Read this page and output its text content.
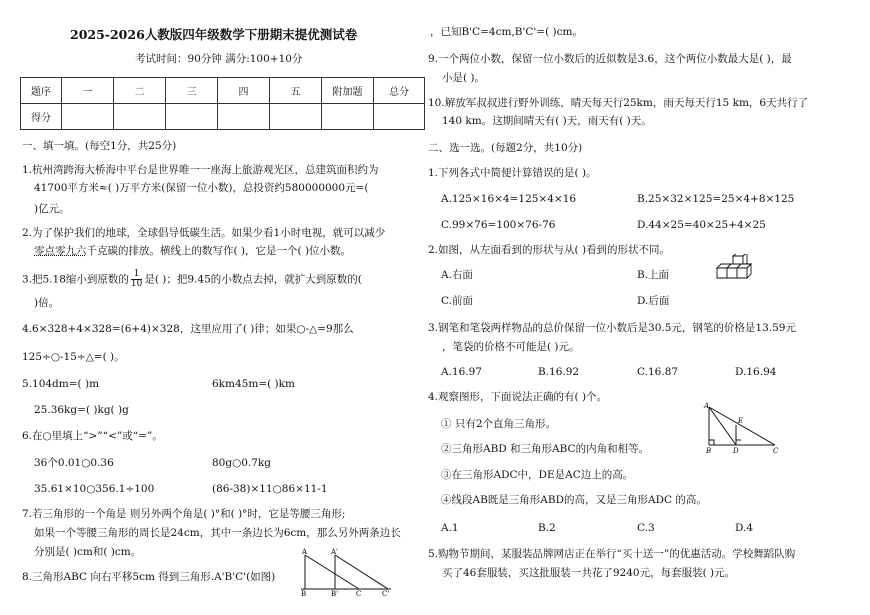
2025-2026人教版四年级数学下册期末提优测试卷
考试时间：90分钟 满分:100+10分
题序	一	二	三	四	五	附加题	总分
得分							
一、填一填。(每空1分，共25分)
1.杭州湾跨海大桥海中平台是世界唯一一座海上旅游观光区，总建筑面积约为
41700平方米≈( )万平方米(保留一位小数)，总投资约580000000元=(
)亿元。
2.为了保护我们的地球，全球倡导低碳生活。如果少看1小时电视，就可以减少
零点零九六千克碳的排放。横线上的数写作( )，它是一个( )位小数。
3.把5.18缩小到原数的 $\frac{1}{10}$ 是( )；把9.45的小数点去掉，就扩大到原数的(
)倍。
4.6×328+4×328=(6+4)×328，这里应用了( )律；如果○-△=9那么
125÷○-15÷△=( )。
5.104dm=( )m	6km45m=( )km
25.36kg=( )kg( )g
6.在○里填上“>”“<”或“=”。
36个0.01○0.36	80g○0.7kg
35.61×10○356.1÷100	(86-38)×11○86×11-1
7.若三角形的一个角是 则另外两个角是( )°和( )°时，它是等腰三角形;
如果一个等腰三角形的周长是24cm，其中一条边长为6cm，那么另外两条边长
分别是( )cm和( )cm。
8.三角形ABC 向右平移5cm 得到三角形.A'B'C'(如图)
A	A'
B	B'	C	C'
，已知B'C=4cm,B'C'=( )cm。
9.一个两位小数，保留一位小数后的近似数是3.6，这个两位小数最大是( )，最
小是( )。
10.解放军叔叔进行野外训练，晴天每天行25km，雨天每天行15 km，6天共行了
140 km。这期间晴天有( )天，雨天有( )天。
二、选一选。(每题2分，共10分)
1.下列各式中简便计算错误的是( )。
A.125×16×4=125×4×16	B.25×32×125=25×4+8×125
C.99×76=100×76-76	D.44×25=40×25+4×25
2.如图，从左面看到的形状与从( )看到的形状不同。
A.右面	B.上面
C.前面	D.后面
3.钢笔和笔袋两样物品的总价保留一位小数后是30.5元，钢笔的价格是13.59元
，笔袋的价格不可能是( )元。
A.16.97	B.16.92	C.16.87	D.16.94
4.观察图形，下面说法正确的有( )个。
① 只有2个直角三角形。
②三角形ABD 和三角形ABC的内角和相等。
③在三角形ADC中，DE是AC边上的高。
④线段AB既是三角形ABD的高，又是三角形ADC 的高。
A.1	B.2	C.3	D.4
A
E
B	D	C
5.购物节期间，某服装品牌网店正在举行“买十送一”的优惠活动。学校舞蹈队购
买了46套服装，买这批服装一共花了9240元，每套服装( )元。
